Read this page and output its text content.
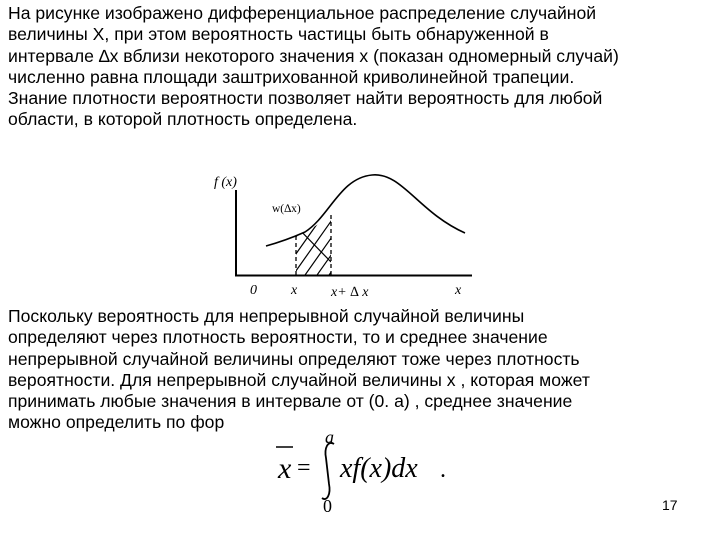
На рисунке изображено дифференциальное распределение случайной
величины X, при этом вероятность частицы быть обнаруженной в
интервале ∆x вблизи некоторого значения x (показан одномерный случай)
численно равна площади заштрихованной криволинейной трапеции.
Знание плотности вероятности позволяет найти вероятность для любой
области, в которой плотность определена.
f (x)
w(∆x)
0 x x+ ∆ x	x
x =
a
0
xf(x)dx .
Поскольку вероятность для непрерывной случайной величины
определяют через плотность вероятности, то и среднее значение
непрерывной случайной величины определяют тоже через плотность
вероятности. Для непрерывной случайной величины x , которая может
принимать любые значения в интервале от (0. a) , среднее значение
можно определить по фор
17
